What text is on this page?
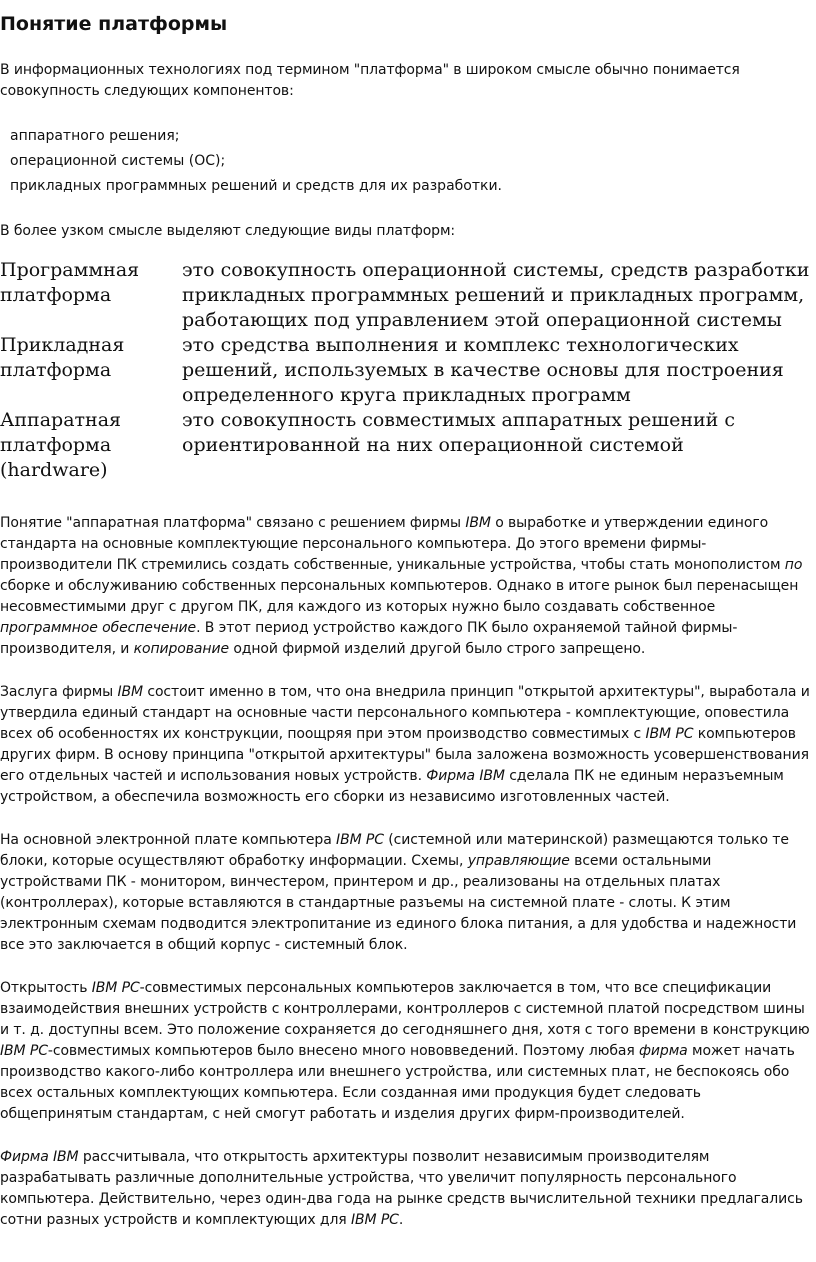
Понятие платформы

В информационных технологиях под термином "платформа" в широком смысле обычно понимается совокупность следующих компонентов:

аппаратного решения;
операционной системы (ОС);
прикладных программных решений и средств для их разработки.

В более узком смысле выделяют следующие виды платформ:

Программная платформа	это совокупность операционной системы, средств разработки прикладных программных решений и прикладных программ, работающих под управлением этой операционной системы
Прикладная платформа	это средства выполнения и комплекс технологических решений, используемых в качестве основы для построения определенного круга прикладных программ
Аппаратная платформа (hardware)	это совокупность совместимых аппаратных решений с ориентированной на них операционной системой

Понятие "аппаратная платформа" связано с решением фирмы IBM о выработке и утверждении единого стандарта на основные комплектующие персонального компьютера. До этого времени фирмы-производители ПК стремились создать собственные, уникальные устройства, чтобы стать монополистом по сборке и обслуживанию собственных персональных компьютеров. Однако в итоге рынок был перенасыщен несовместимыми друг с другом ПК, для каждого из которых нужно было создавать собственное программное обеспечение. В этот период устройство каждого ПК было охраняемой тайной фирмы-производителя, и копирование одной фирмой изделий другой было строго запрещено.

Заслуга фирмы IBM состоит именно в том, что она внедрила принцип "открытой архитектуры", выработала и утвердила единый стандарт на основные части персонального компьютера - комплектующие, оповестила всех об особенностях их конструкции, поощряя при этом производство совместимых с IBM PC компьютеров других фирм. В основу принципа "открытой архитектуры" была заложена возможность усовершенствования его отдельных частей и использования новых устройств. Фирма IBM сделала ПК не единым неразъемным устройством, а обеспечила возможность его сборки из независимо изготовленных частей.

На основной электронной плате компьютера IBM PC (системной или материнской) размещаются только те блоки, которые осуществляют обработку информации. Схемы, управляющие всеми остальными устройствами ПК - монитором, винчестером, принтером и др., реализованы на отдельных платах (контроллерах), которые вставляются в стандартные разъемы на системной плате - слоты. К этим электронным схемам подводится электропитание из единого блока питания, а для удобства и надежности все это заключается в общий корпус - системный блок.

Открытость IBM PC-совместимых персональных компьютеров заключается в том, что все спецификации взаимодействия внешних устройств с контроллерами, контроллеров с системной платой посредством шины и т. д. доступны всем. Это положение сохраняется до сегодняшнего дня, хотя с того времени в конструкцию IBM PC-совместимых компьютеров было внесено много нововведений. Поэтому любая фирма может начать производство какого-либо контроллера или внешнего устройства, или системных плат, не беспокоясь обо всех остальных комплектующих компьютера. Если созданная ими продукция будет следовать общепринятым стандартам, с ней смогут работать и изделия других фирм-производителей.

Фирма IBM рассчитывала, что открытость архитектуры позволит независимым производителям разрабатывать различные дополнительные устройства, что увеличит популярность персонального компьютера. Действительно, через один-два года на рынке средств вычислительной техники предлагались сотни разных устройств и комплектующих для IBM PC.
